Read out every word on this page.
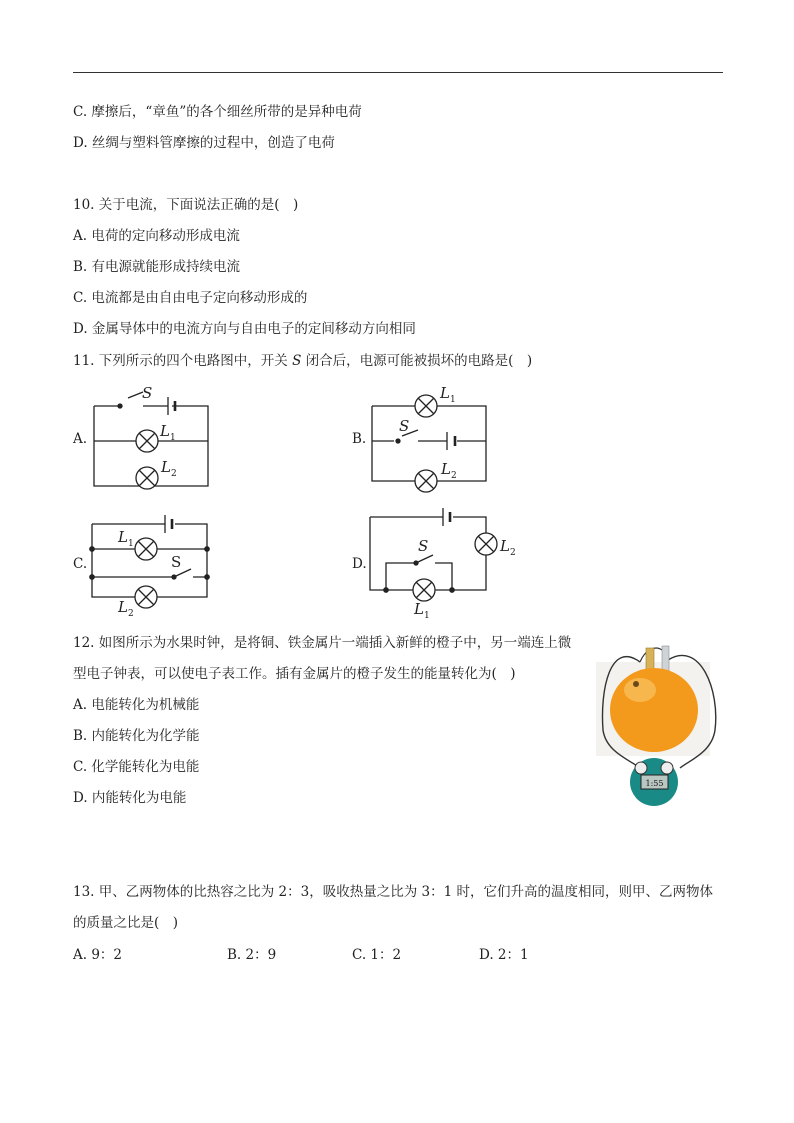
C. 摩擦后，“章鱼”的各个细丝所带的是异种电荷
D. 丝绸与塑料管摩擦的过程中，创造了电荷
10. 关于电流，下面说法正确的是(　)
A. 电荷的定向移动形成电流
B. 有电源就能形成持续电流
C. 电流都是由自由电子定向移动形成的
D. 金属导体中的电流方向与自由电子的定间移动方向相同
11. 下列所示的四个电路图中，开关 S 闭合后，电源可能被损坏的电路是(　)
A.	B.
C.	D.
S
$L_1$
$L_2$
$L_1$
S
$L_2$
$L_1$
S
$L_2$
S	$L_2$
$L_1$
1:55
12. 如图所示为水果时钟，是将铜、铁金属片一端插入新鲜的橙子中，另一端连上微
型电子钟表，可以使电子表工作。插有金属片的橙子发生的能量转化为(　)
A. 电能转化为机械能
B. 内能转化为化学能
C. 化学能转化为电能
D. 内能转化为电能
13. 甲、乙两物体的比热容之比为 2：3，吸收热量之比为 3：1 时，它们升高的温度相同，则甲、乙两物体
的质量之比是(　)
A. 9：2	B. 2：9	C. 1：2	D. 2：1
